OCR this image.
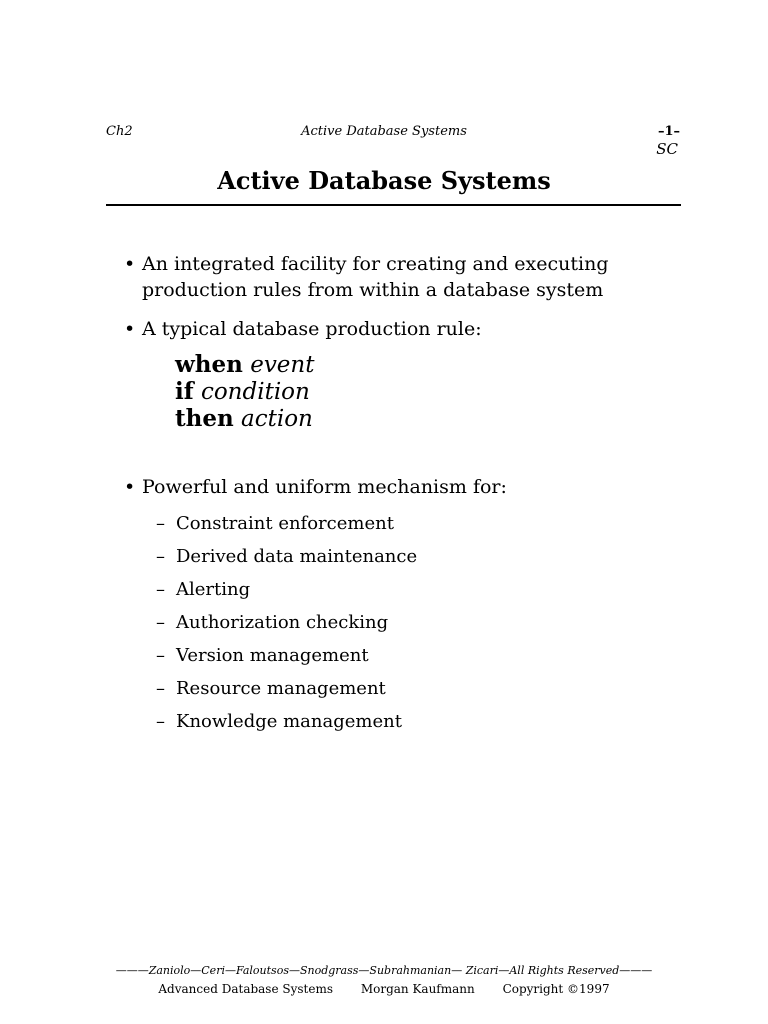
Ch2	Active Database Systems	–1–
SC
Active Database Systems
• An integrated facility for creating and executing production rules from within a database system
• A typical database production rule:
when event
if condition
then action
• Powerful and uniform mechanism for:
– Constraint enforcement
– Derived data maintenance
– Alerting
– Authorization checking
– Version management
– Resource management
– Knowledge management
———Zaniolo—Ceri—Faloutsos—Snodgrass—Subrahmanian— Zicari—All Rights Reserved———
Advanced Database Systems Morgan Kaufmann Copyright ©1997
